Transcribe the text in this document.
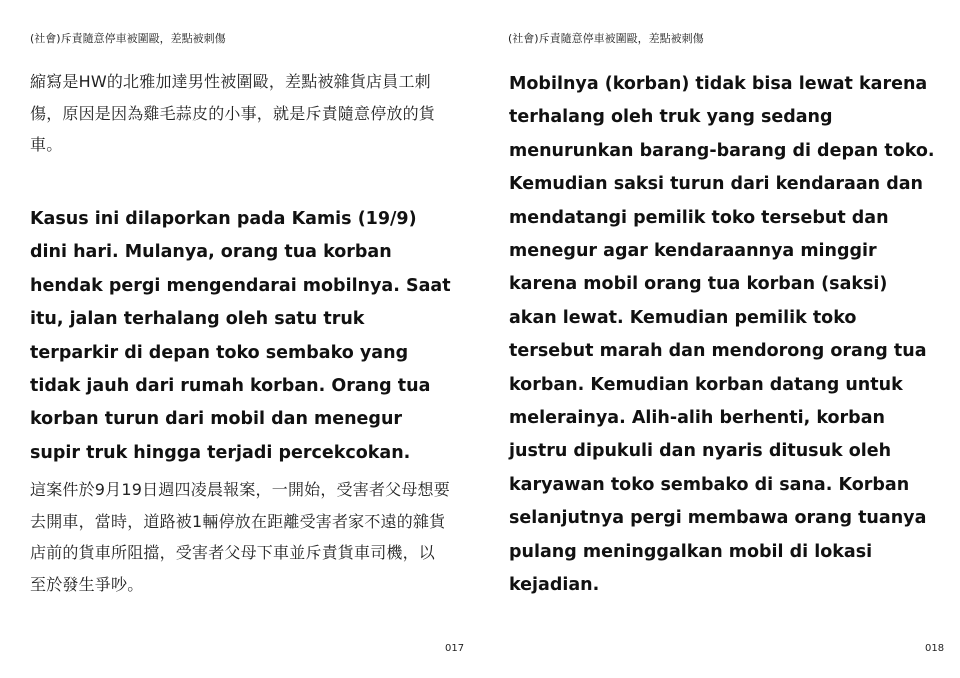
(社會)斥責隨意停車被圍毆，差點被刺傷
縮寫是HW的北雅加達男性被圍毆，差點被雜貨店員工刺傷，原因是因為雞毛蒜皮的小事，就是斥責隨意停放的貨車。
Kasus ini dilaporkan pada Kamis (19/9) dini hari. Mulanya, orang tua korban hendak pergi mengendarai mobilnya. Saat itu, jalan terhalang oleh satu truk terparkir di depan toko sembako yang tidak jauh dari rumah korban. Orang tua korban turun dari mobil dan menegur supir truk hingga terjadi percekcokan.
這案件於9月19日週四凌晨報案，一開始，受害者父母想要去開車，當時，道路被1輛停放在距離受害者家不遠的雜貨店前的貨車所阻擋，受害者父母下車並斥責貨車司機，以至於發生爭吵。
017
(社會)斥責隨意停車被圍毆，差點被刺傷
Mobilnya (korban) tidak bisa lewat karena terhalang oleh truk yang sedang menurunkan barang-barang di depan toko. Kemudian saksi turun dari kendaraan dan mendatangi pemilik toko tersebut dan menegur agar kendaraannya minggir karena mobil orang tua korban (saksi) akan lewat. Kemudian pemilik toko tersebut marah dan mendorong orang tua korban. Kemudian korban datang untuk melerainya. Alih-alih berhenti, korban justru dipukuli dan nyaris ditusuk oleh karyawan toko sembako di sana. Korban selanjutnya pergi membawa orang tuanya pulang meninggalkan mobil di lokasi kejadian.
018
